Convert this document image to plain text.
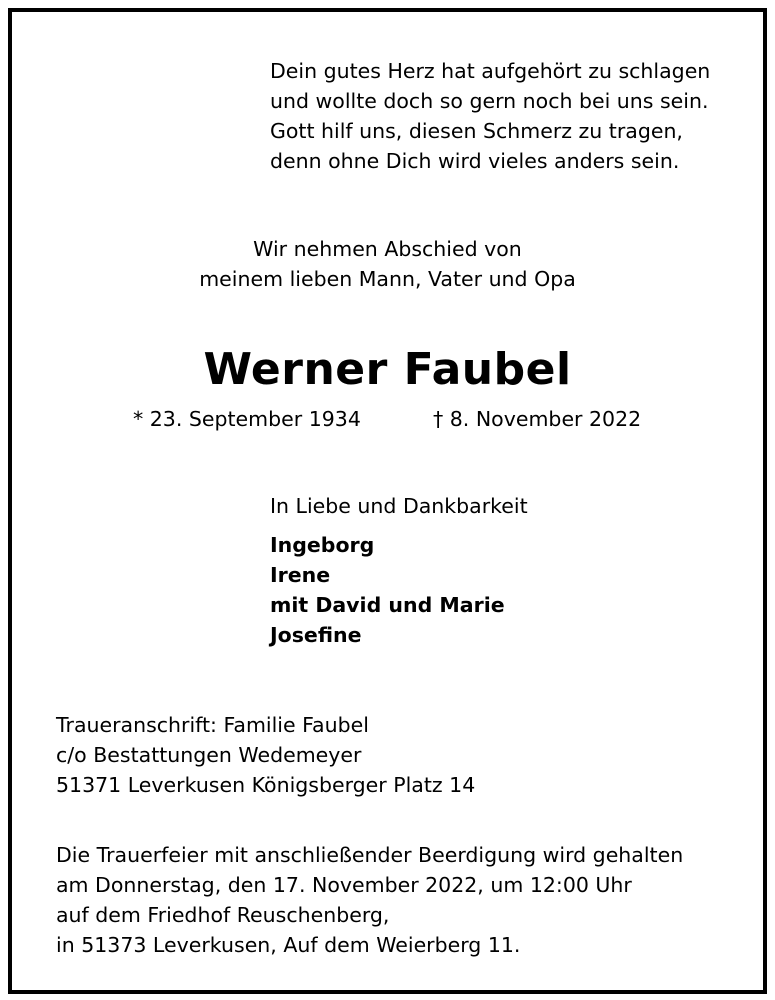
Dein gutes Herz hat aufgehört zu schlagen
und wollte doch so gern noch bei uns sein.
Gott hilf uns, diesen Schmerz zu tragen,
denn ohne Dich wird vieles anders sein.
Wir nehmen Abschied von
meinem lieben Mann, Vater und Opa
Werner Faubel
* 23. September 1934	† 8. November 2022
In Liebe und Dankbarkeit
Ingeborg
Irene
mit David und Marie
Josefine
Traueranschrift: Familie Faubel
c/o Bestattungen Wedemeyer
51371 Leverkusen Königsberger Platz 14
Die Trauerfeier mit anschließender Beerdigung wird gehalten
am Donnerstag, den 17. November 2022, um 12:00 Uhr
auf dem Friedhof Reuschenberg,
in 51373 Leverkusen, Auf dem Weierberg 11.
